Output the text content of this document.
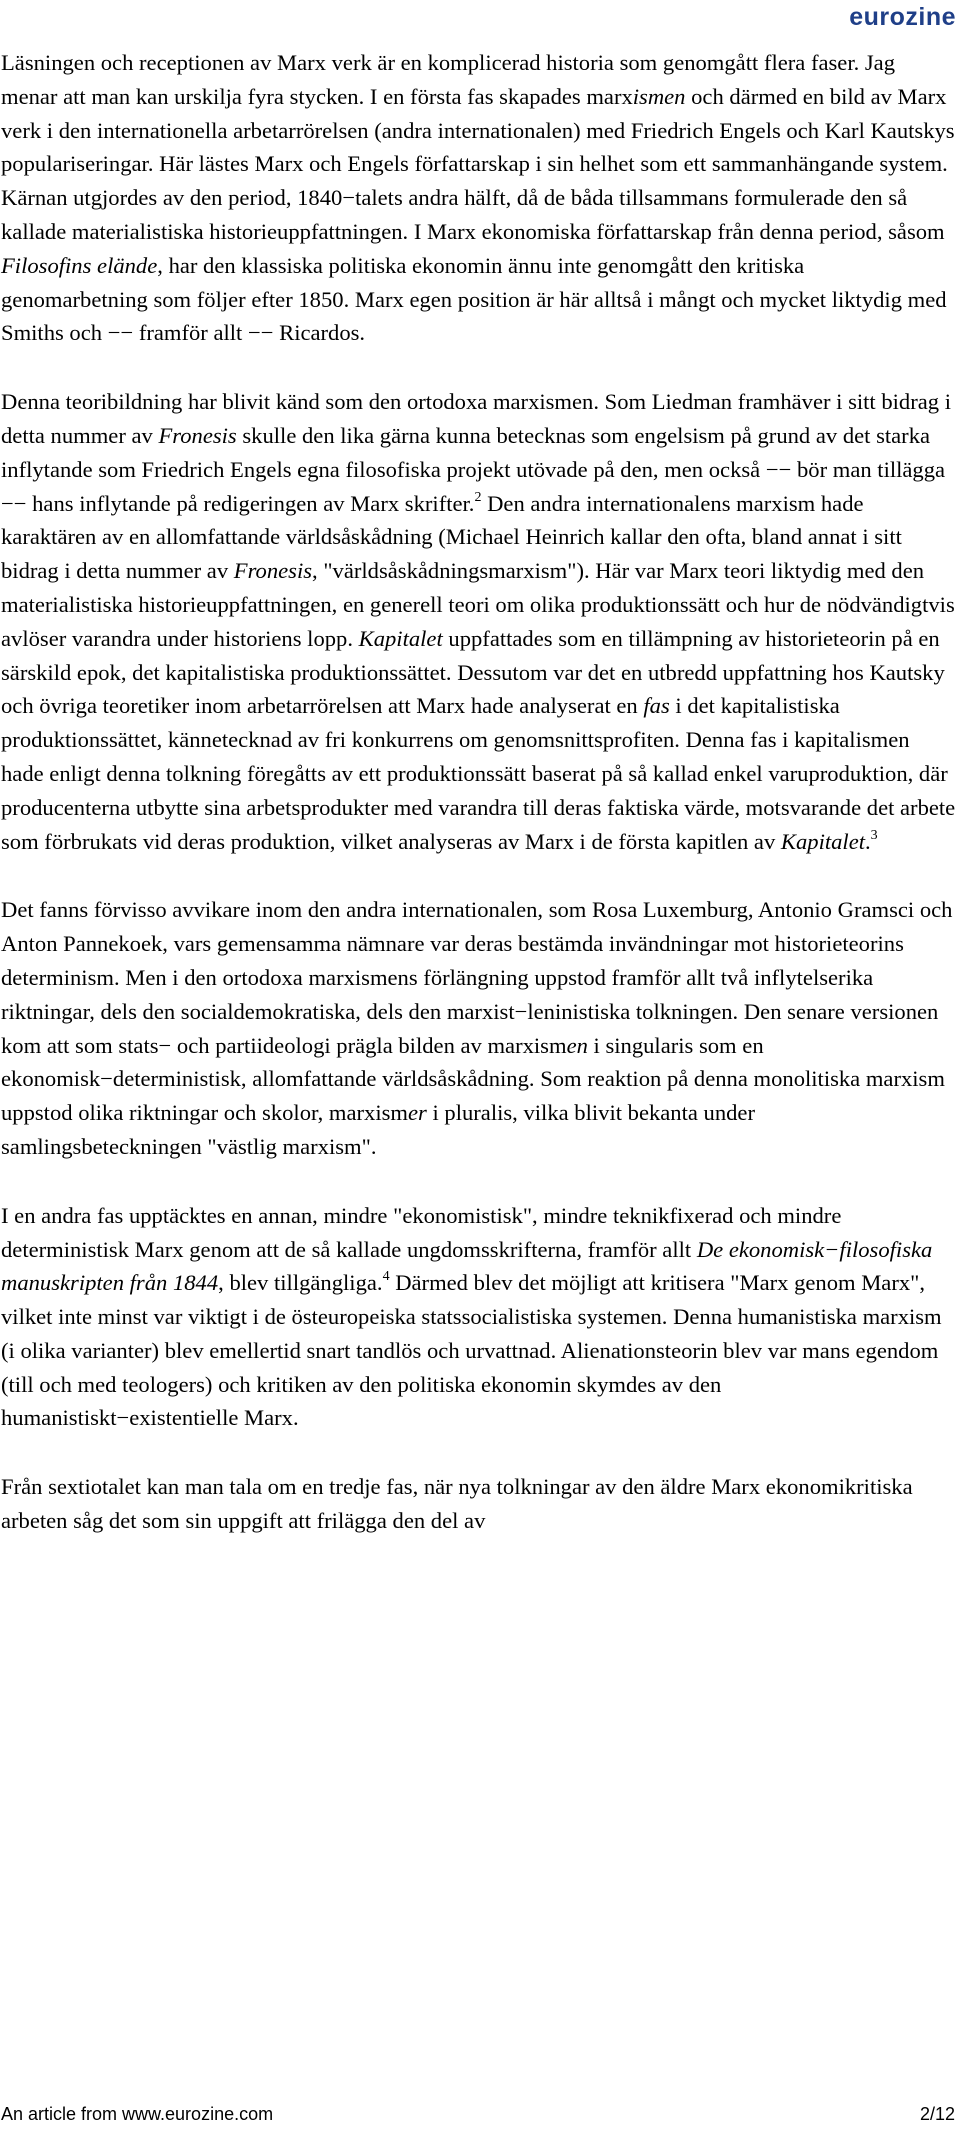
eurozine

Läsningen och receptionen av Marx verk är en komplicerad historia som genomgått flera faser. Jag menar att man kan urskilja fyra stycken. I en första fas skapades marxismen och därmed en bild av Marx verk i den internationella arbetarrörelsen (andra internationalen) med Friedrich Engels och Karl Kautskys populariseringar. Här lästes Marx och Engels författarskap i sin helhet som ett sammanhängande system. Kärnan utgjordes av den period, 1840−talets andra hälft, då de båda tillsammans formulerade den så kallade materialistiska historieuppfattningen. I Marx ekonomiska författarskap från denna period, såsom Filosofins elände, har den klassiska politiska ekonomin ännu inte genomgått den kritiska genomarbetning som följer efter 1850. Marx egen position är här alltså i mångt och mycket liktydig med Smiths och −− framför allt −− Ricardos.

Denna teoribildning har blivit känd som den ortodoxa marxismen. Som Liedman framhäver i sitt bidrag i detta nummer av Fronesis skulle den lika gärna kunna betecknas som engelsism på grund av det starka inflytande som Friedrich Engels egna filosofiska projekt utövade på den, men också −− bör man tillägga −− hans inflytande på redigeringen av Marx skrifter.$^2$ Den andra internationalens marxism hade karaktären av en allomfattande världsåskådning (Michael Heinrich kallar den ofta, bland annat i sitt bidrag i detta nummer av Fronesis, "världsåskådningsmarxism"). Här var Marx teori liktydig med den materialistiska historieuppfattningen, en generell teori om olika produktionssätt och hur de nödvändigtvis avlöser varandra under historiens lopp. Kapitalet uppfattades som en tillämpning av historieteorin på en särskild epok, det kapitalistiska produktionssättet. Dessutom var det en utbredd uppfattning hos Kautsky och övriga teoretiker inom arbetarrörelsen att Marx hade analyserat en fas i det kapitalistiska produktionssättet, kännetecknad av fri konkurrens om genomsnittsprofiten. Denna fas i kapitalismen hade enligt denna tolkning föregåtts av ett produktionssätt baserat på så kallad enkel varuproduktion, där producenterna utbytte sina arbetsprodukter med varandra till deras faktiska värde, motsvarande det arbete som förbrukats vid deras produktion, vilket analyseras av Marx i de första kapitlen av Kapitalet.$^3$

Det fanns förvisso avvikare inom den andra internationalen, som Rosa Luxemburg, Antonio Gramsci och Anton Pannekoek, vars gemensamma nämnare var deras bestämda invändningar mot historieteorins determinism. Men i den ortodoxa marxismens förlängning uppstod framför allt två inflytelserika riktningar, dels den socialdemokratiska, dels den marxist−leninistiska tolkningen. Den senare versionen kom att som stats− och partiideologi prägla bilden av marxismen i singularis som en ekonomisk−deterministisk, allomfattande världsåskådning. Som reaktion på denna monolitiska marxism uppstod olika riktningar och skolor, marxismer i pluralis, vilka blivit bekanta under samlingsbeteckningen "västlig marxism".

I en andra fas upptäcktes en annan, mindre "ekonomistisk", mindre teknikfixerad och mindre deterministisk Marx genom att de så kallade ungdomsskrifterna, framför allt De ekonomisk−filosofiska manuskripten från 1844, blev tillgängliga.$^4$ Därmed blev det möjligt att kritisera "Marx genom Marx", vilket inte minst var viktigt i de östeuropeiska statssocialistiska systemen. Denna humanistiska marxism (i olika varianter) blev emellertid snart tandlös och urvattnad. Alienationsteorin blev var mans egendom (till och med teologers) och kritiken av den politiska ekonomin skymdes av den humanistiskt−existentielle Marx.

Från sextiotalet kan man tala om en tredje fas, när nya tolkningar av den äldre Marx ekonomikritiska arbeten såg det som sin uppgift att frilägga den del av

An article from www.eurozine.com	2/12
